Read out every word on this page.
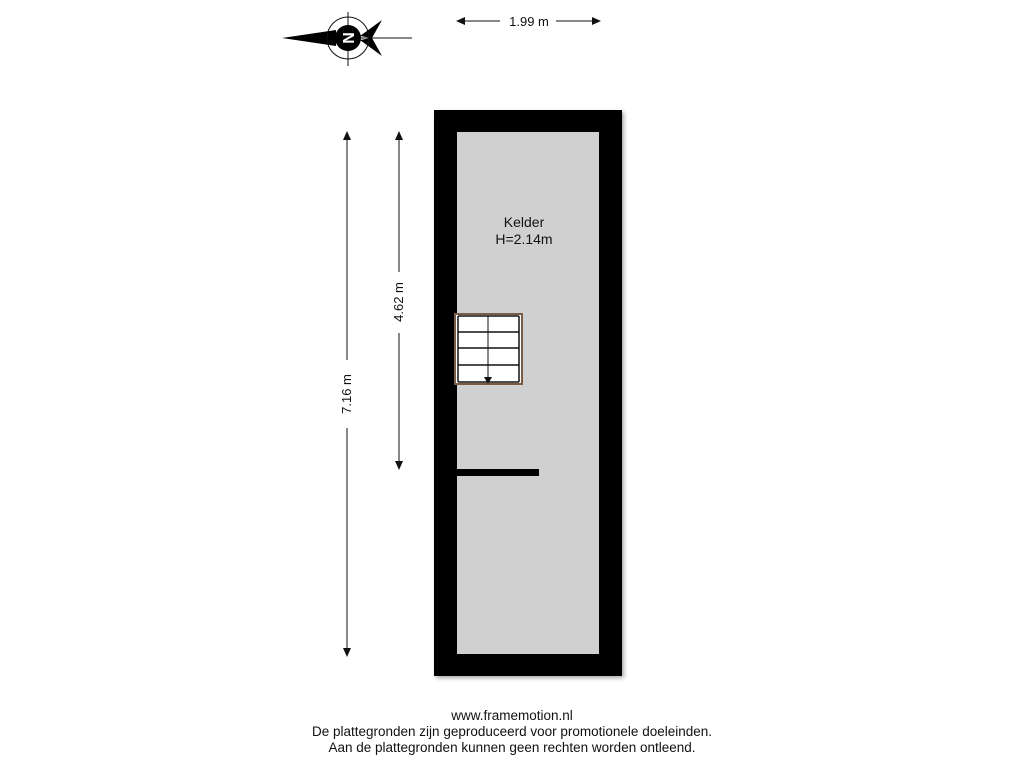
N
1.99 m
7.16 m
4.62 m
Kelder
H=2.14m
www.framemotion.nl
De plattegronden zijn geproduceerd voor promotionele doeleinden.
Aan de plattegronden kunnen geen rechten worden ontleend.
